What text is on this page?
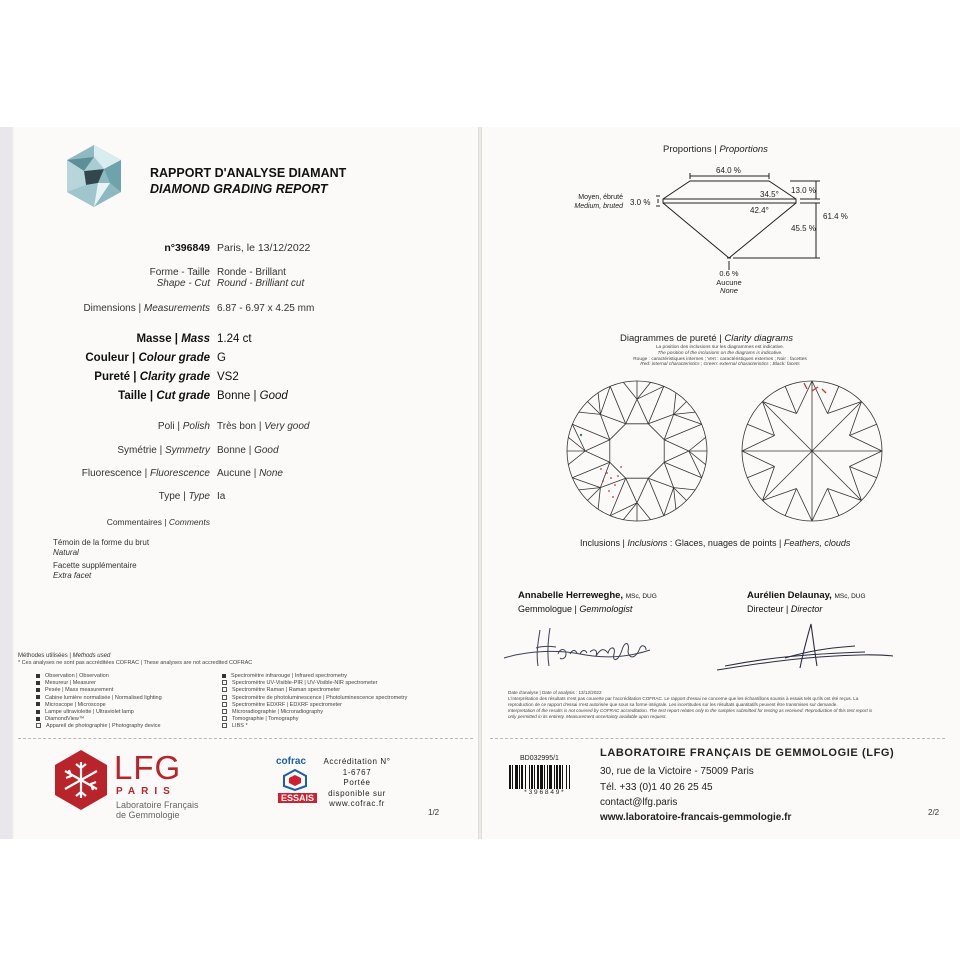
RAPPORT D'ANALYSE DIAMANT
DIAMOND GRADING REPORT
n°396849 Paris, le 13/12/2022
Forme - Taille
Shape - Cut
Ronde - Brillant
Round - Brilliant cut
Dimensions | Measurements 6.87 - 6.97 x 4.25 mm
Masse | Mass 1.24 ct
Couleur | Colour grade G
Pureté | Clarity grade VS2
Taille | Cut grade Bonne | Good
Poli | Polish Très bon | Very good
Symétrie | Symmetry Bonne | Good
Fluorescence | Fluorescence Aucune | None
Type | Type Ia
Commentaires | Comments
Témoin de la forme du brut
Natural
Facette supplémentaire
Extra facet
Méthodes utilisées | Methods used
* Ces analyses ne sont pas accréditées COFRAC | These analyses are not accredited COFRAC
Observation | Observation
Mesureur | Measurer
Pesée | Mass measurement
Cabine lumière normalisée | Normalised lighting
Microscope | Microscope
Lampe ultraviolette | Ultraviolet lamp
DiamondView™
Appareil de photographie | Photography device
Spectromètre infrarouge | Infrared spectrometry
Spectromètre UV-Visible-PIR | UV-Visible-NIR spectrometer
Spectromètre Raman | Raman spectrometer
Spectromètre de photoluminescence | Photoluminescence spectrometry
Spectromètre EDXRF | EDXRF spectrometer
Microradiographie | Microradiography
Tomographie | Tomography
LIBS *
LFG
PARIS
Laboratoire Français
de Gemmologie
cofrac
ESSAIS
Accréditation N°
1-6767
Portée
disponible sur
www.cofrac.fr
1/2
Proportions | Proportions
64.0 %
34.5°
42.4°
13.0 %
45.5 %
61.4 %
3.0 %
Moyen, ébruté
Medium, bruted
0.6 %
Aucune
None
Diagrammes de pureté | Clarity diagrams
La position des inclusions sur les diagrammes est indicative.
The position of the inclusions on the diagrams is indicative.
Rouge : caractéristiques internes ; Vert : caractéristiques externes ; Noir : facettes
Red: internal characteristics ; Green: external characteristics ; Black: facets
Inclusions | Inclusions : Glaces, nuages de points | Feathers, clouds
Annabelle Herreweghe, MSc, DUG
Gemmologue | Gemmologist
Aurélien Delaunay, MSc, DUG
Directeur | Director
Date d'analyse | Date of analysis : 13/12/2022
L'interprétation des résultats n'est pas couverte par l'accréditation COFRAC. Le rapport d'essai ne concerne que les échantillons soumis à essais tels qu'ils ont été reçus. La
reproduction de ce rapport d'essai n'est autorisée que sous sa forme intégrale. Les incertitudes sur les résultats quantitatifs peuvent être transmises sur demande.
Interpretation of the results is not covered by COFRAC accreditation. The test report relates only to the samples submitted for testing as received. Reproduction of this test report is
only permitted in its entirety. Measurement uncertainty available upon request.
BD032995/1
* 3 9 6 8 4 9 *
LABORATOIRE FRANÇAIS DE GEMMOLOGIE (LFG)
30, rue de la Victoire - 75009 Paris
Tél. +33 (0)1 40 26 25 45
contact@lfg.paris
www.laboratoire-francais-gemmologie.fr	2/2
